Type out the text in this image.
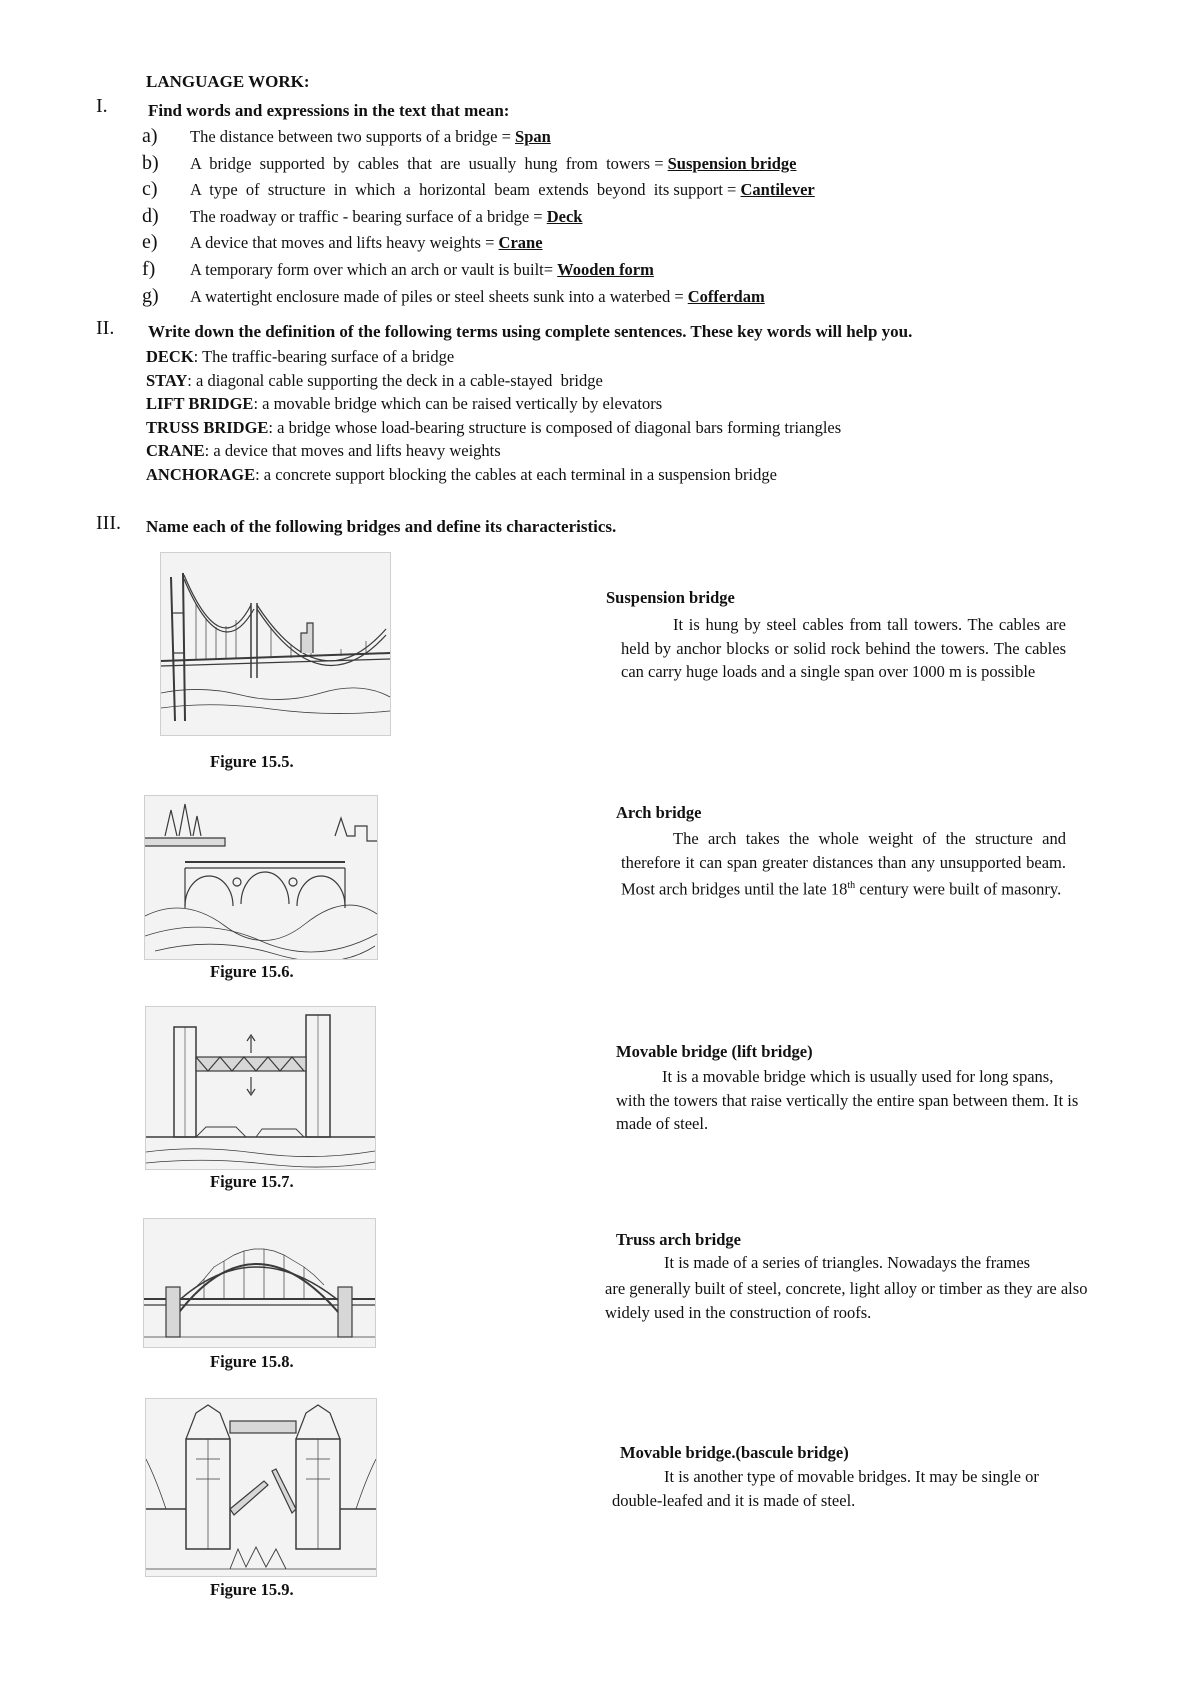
LANGUAGE WORK:
I. Find words and expressions in the text that mean:
a) The distance between two supports of a bridge = Span
b) A  bridge  supported  by  cables  that  are  usually  hung  from  towers = Suspension bridge
c) A  type  of  structure  in  which  a  horizontal  beam  extends  beyond  its support = Cantilever
d) The roadway or traffic - bearing surface of a bridge = Deck
e) A device that moves and lifts heavy weights = Crane
f) A temporary form over which an arch or vault is built= Wooden form
g) A watertight enclosure made of piles or steel sheets sunk into a waterbed = Cofferdam
II. Write down the definition of the following terms using complete sentences. These key words will help you.
DECK: The traffic-bearing surface of a bridge
STAY: a diagonal cable supporting the deck in a cable-stayed  bridge
LIFT BRIDGE: a movable bridge which can be raised vertically by elevators
TRUSS BRIDGE: a bridge whose load-bearing structure is composed of diagonal bars forming triangles
CRANE: a device that moves and lifts heavy weights
ANCHORAGE: a concrete support blocking the cables at each terminal in a suspension bridge
III. Name each of the following bridges and define its characteristics.
Figure 15.5.
Suspension bridge
It is hung by steel cables from tall towers. The cables are held by anchor blocks or solid rock behind the towers. The cables can carry huge loads and a single span over 1000 m is possible
Figure 15.6.
Arch bridge
The arch takes the whole weight of the structure and therefore it can span greater distances than any unsupported beam. Most arch bridges until the late 18th century were built of masonry.
Figure 15.7.
Movable bridge (lift bridge)
It is a movable bridge which is usually used for long spans, with the towers that raise vertically the entire span between them. It is made of steel.
Figure 15.8.
Truss arch bridge
It is made of a series of triangles. Nowadays the frames
are generally built of steel, concrete, light alloy or timber as they are also widely used in the construction of roofs.
Figure 15.9.
Movable bridge.(bascule bridge)
It is another type of movable bridges. It may be single or
double-leafed and it is made of steel.
